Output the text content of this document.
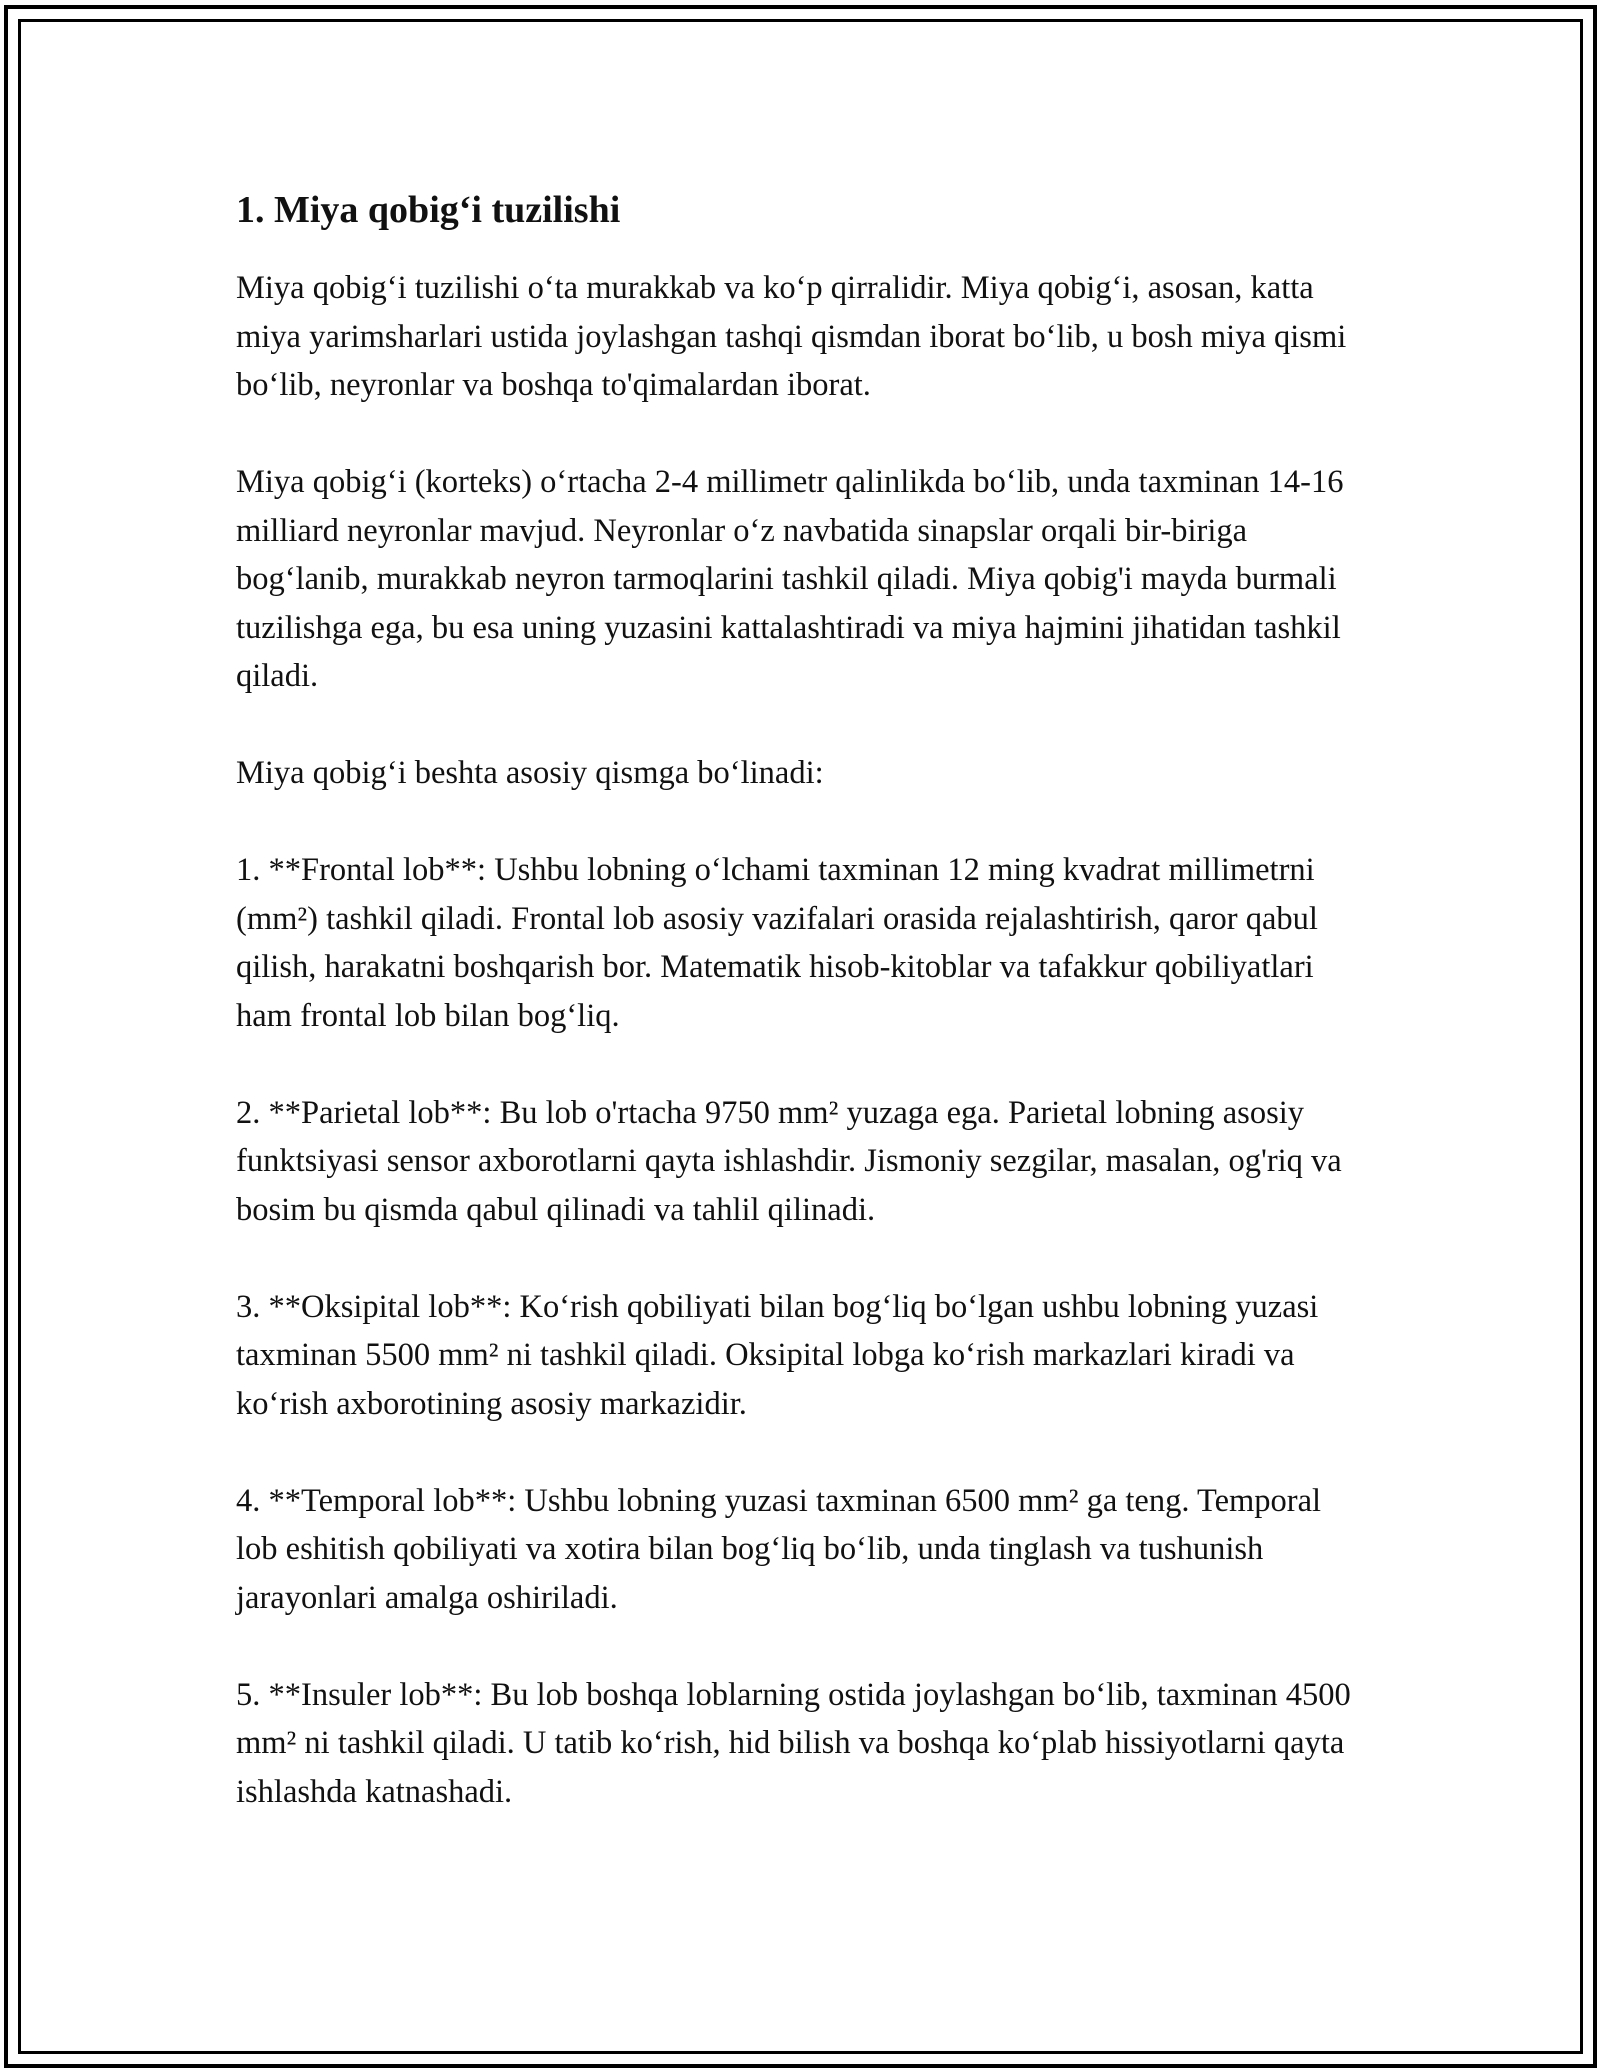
1. Miya qobig‘i tuzilishi

Miya qobig‘i tuzilishi o‘ta murakkab va ko‘p qirralidir. Miya qobig‘i, asosan, katta miya yarimsharlari ustida joylashgan tashqi qismdan iborat bo‘lib, u bosh miya qismi bo‘lib, neyronlar va boshqa to'qimalardan iborat.

Miya qobig‘i (korteks) o‘rtacha 2-4 millimetr qalinlikda bo‘lib, unda taxminan 14-16 milliard neyronlar mavjud. Neyronlar o‘z navbatida sinapslar orqali bir-biriga bog‘lanib, murakkab neyron tarmoqlarini tashkil qiladi. Miya qobig'i mayda burmali tuzilishga ega, bu esa uning yuzasini kattalashtiradi va miya hajmini jihatidan tashkil qiladi.

Miya qobig‘i beshta asosiy qismga bo‘linadi:

1. **Frontal lob**: Ushbu lobning o‘lchami taxminan 12 ming kvadrat millimetrni (mm²) tashkil qiladi. Frontal lob asosiy vazifalari orasida rejalashtirish, qaror qabul qilish, harakatni boshqarish bor. Matematik hisob-kitoblar va tafakkur qobiliyatlari ham frontal lob bilan bog‘liq.

2. **Parietal lob**: Bu lob o'rtacha 9750 mm² yuzaga ega. Parietal lobning asosiy funktsiyasi sensor axborotlarni qayta ishlashdir. Jismoniy sezgilar, masalan, og'riq va bosim bu qismda qabul qilinadi va tahlil qilinadi.

3. **Oksipital lob**: Ko‘rish qobiliyati bilan bog‘liq bo‘lgan ushbu lobning yuzasi taxminan 5500 mm² ni tashkil qiladi. Oksipital lobga ko‘rish markazlari kiradi va ko‘rish axborotining asosiy markazidir.

4. **Temporal lob**: Ushbu lobning yuzasi taxminan 6500 mm² ga teng. Temporal lob eshitish qobiliyati va xotira bilan bog‘liq bo‘lib, unda tinglash va tushunish jarayonlari amalga oshiriladi.

5. **Insuler lob**: Bu lob boshqa loblarning ostida joylashgan bo‘lib, taxminan 4500 mm² ni tashkil qiladi. U tatib ko‘rish, hid bilish va boshqa ko‘plab hissiyotlarni qayta ishlashda katnashadi.
